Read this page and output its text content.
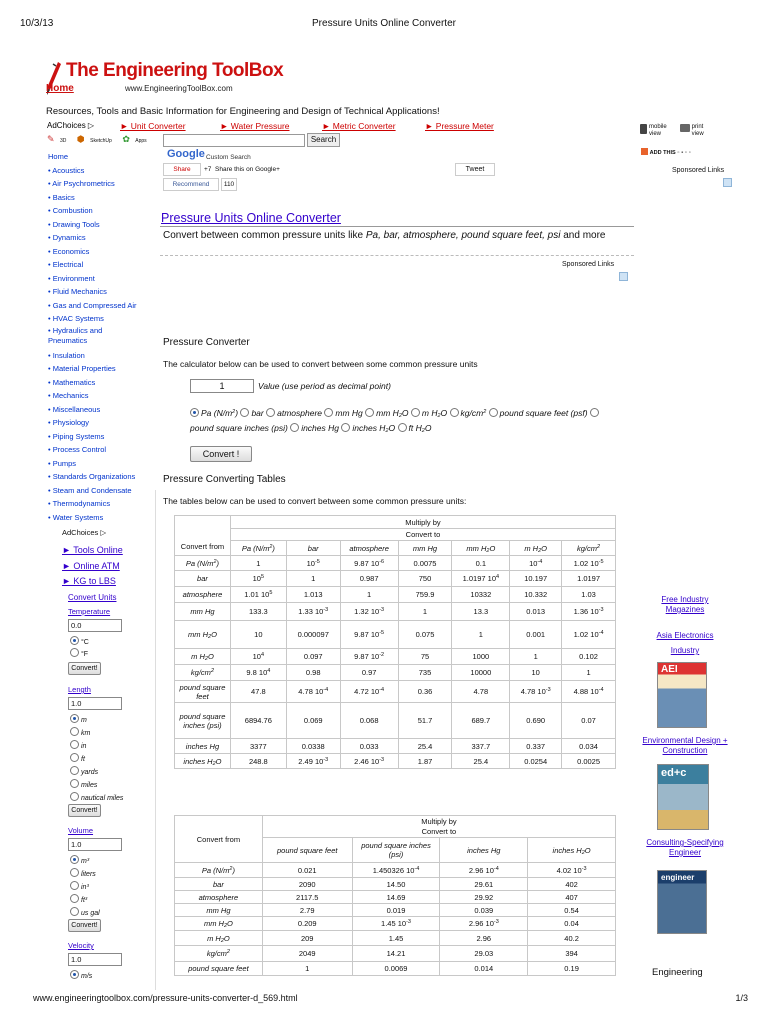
10/3/13	Pressure Units Online Converter
www.engineeringtoolbox.com/pressure-units-converter-d_569.html	1/3
The Engineering ToolBox
www.EngineeringToolBox.com
Home
Resources, Tools and Basic Information for Engineering and Design of Technical Applications!
AdChoices ▷	► Unit Converter	► Water Pressure	► Metric Converter	► Pressure Meter
✎ 3D ⬢ SketchUp ✿ Apps
Home
• Acoustics
• Air Psychrometrics
• Basics
• Combustion
• Drawing Tools
• Dynamics
• Economics
• Electrical
• Environment
• Fluid Mechanics
• Gas and Compressed Air
• HVAC Systems
• Hydraulics and Pneumatics
• Insulation
• Material Properties
• Mathematics
• Mechanics
• Miscellaneous
• Physiology
• Piping Systems
• Process Control
• Pumps
• Standards Organizations
• Steam and Condensate
• Thermodynamics
• Water Systems
Search
Google Custom Search
Share	+7 Share this on Google+	Tweet
Recommend	110
mobile view print view
ADD THIS ▫ ▪ ▫ ▫
Sponsored Links
Pressure Units Online Converter
Convert between common pressure units like Pa, bar, atmosphere, pound square feet, psi and more
Sponsored Links
Pressure Converter
The calculator below can be used to convert between some common pressure units
1	Value (use period as decimal point)
Pa $(N/m^2)$ bar atmosphere mm Hg mm $H_2O$ m $H_2O$ $kg/cm^2$ pound square feet (psf) pound square inches (psi) inches Hg inches $H_2O$ ft $H_2O$
Convert !
Pressure Converting Tables
The tables below can be used to convert between some common pressure units:
Convert from	Multiply by						
	Convert to						
	Pa $(N/m^2)$	bar	atmosphere	mm Hg	mm $H_2O$	m $H_2O$	$kg/cm^2$
Pa $(N/m^2)$	1	$10^{-5}$	9.87 $10^{-6}$	0.0075	0.1	$10^{-4}$	1.02 $10^{-5}$
bar	$10^5$	1	0.987	750	1.0197 $10^4$	10.197	1.0197
atmosphere	1.01 $10^5$	1.013	1	759.9	10332	10.332	1.03
mm Hg	133.3	1.33 $10^{-3}$	1.32 $10^{-3}$	1	13.3	0.013	1.36 $10^{-3}$
mm $H_2O$	10	0.000097	9.87 $10^{-5}$	0.075	1	0.001	1.02 $10^{-4}$
m $H_2O$	$10^4$	0.097	9.87 $10^{-2}$	75	1000	1	0.102
$kg/cm^2$	9.8 $10^4$	0.98	0.97	735	10000	10	1
pound square feet	47.8	4.78 $10^{-4}$	4.72 $10^{-4}$	0.36	4.78	4.78 $10^{-3}$	4.88 $10^{-4}$
pound square inches (psi)	6894.76	0.069	0.068	51.7	689.7	0.690	0.07
inches Hg	3377	0.0338	0.033	25.4	337.7	0.337	0.034
inches $H_2O$	248.8	2.49 $10^{-3}$	2.46 $10^{-3}$	1.87	25.4	0.0254	0.0025
Convert from	Multiply by			
	Convert to			
	pound square feet	pound square inches (psi)	inches Hg	inches $H_2O$
Pa $(N/m^2)$	0.021	1.450326 $10^{-4}$	2.96 $10^{-4}$	4.02 $10^{-3}$
bar	2090	14.50	29.61	402
atmosphere	2117.5	14.69	29.92	407
mm Hg	2.79	0.019	0.039	0.54
mm $H_2O$	0.209	1.45 $10^{-3}$	2.96 $10^{-3}$	0.04
m $H_2O$	209	1.45	2.96	40.2
$kg/cm^2$	2049	14.21	29.03	394
pound square feet	1	0.0069	0.014	0.19
AdChoices ▷
► Tools Online
► Online ATM
► KG to LBS
Convert Units
Temperature
0.0
°C
°F
Convert!
Length
1.0
m
km
in
ft
yards
miles
nautical miles
Convert!
Volume
1.0
m³
liters
in³
ft³
us gal
Convert!
Velocity
1.0
m/s
Free Industry Magazines
Asia Electronics Industry
AEI
Environmental Design + Construction
ed+c
Consulting-Specifying Engineer
engineer
Engineering
